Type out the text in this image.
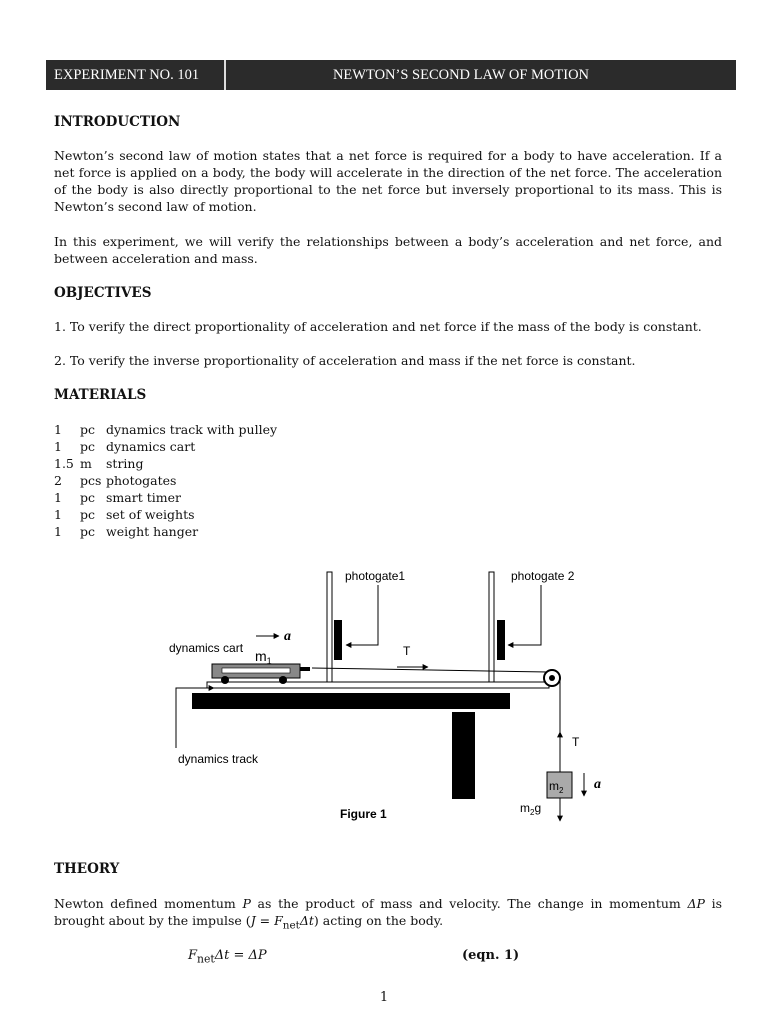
EXPERIMENT NO. 101	NEWTON’S SECOND LAW OF MOTION
INTRODUCTION
Newton’s second law of motion states that a net force is required for a body to have acceleration. If a net force is applied on a body, the body will accelerate in the direction of the net force. The acceleration of the body is also directly proportional to the net force but inversely proportional to its mass. This is Newton’s second law of motion.
In this experiment, we will verify the relationships between a body’s acceleration and net force, and between acceleration and mass.
OBJECTIVES
1. To verify the direct proportionality of acceleration and net force if the mass of the body is constant.
2. To verify the inverse proportionality of acceleration and mass if the net force is constant.
MATERIALS
1	pc dynamics track with pulley
1	pc dynamics cart
1.5 m	string
2	pcs photogates
1	pc smart timer
1	pc set of weights
1	pc weight hanger
photogate1	photogate 2
dynamics cart
a
$m_1$
T
dynamics track
T
$m_2$ a
$m_2g$
Figure 1
THEORY
Newton defined momentum P as the product of mass and velocity. The change in momentum ΔP is brought about by the impulse $(J = F_{net}\Delta t)$ acting on the body.
$F_{net}\Delta t = \Delta P$	(eqn. 1)
1
